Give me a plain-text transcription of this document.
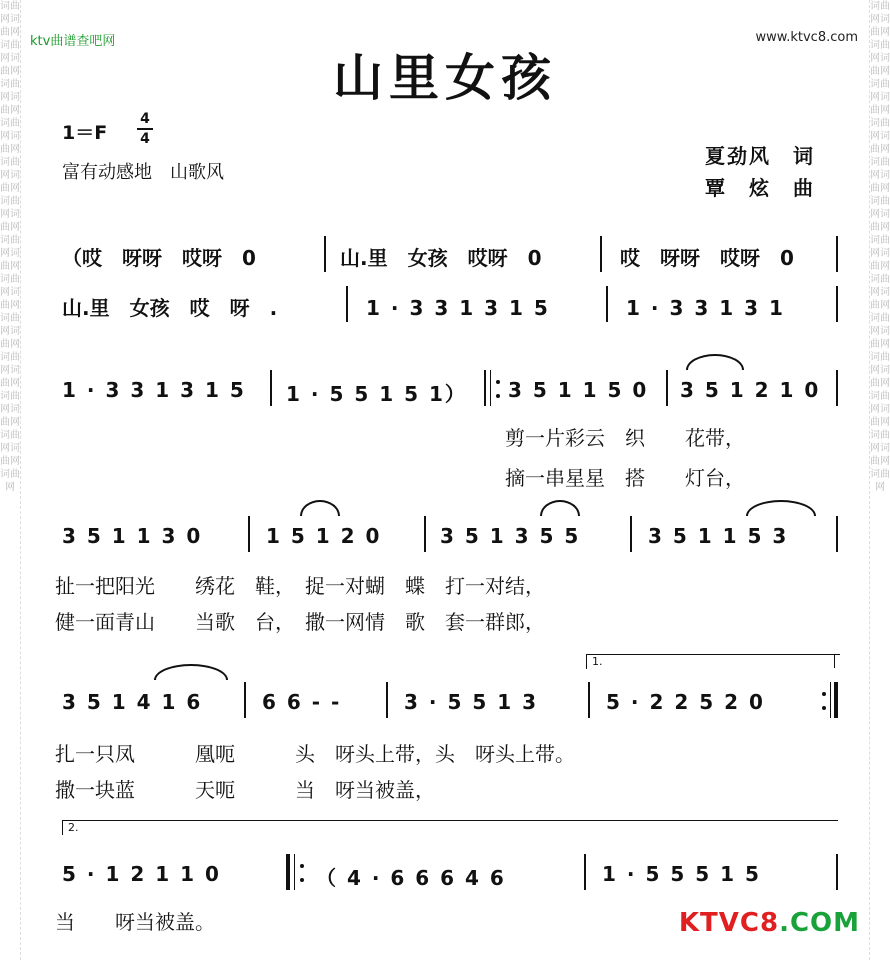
词曲网词曲网词曲网词曲网词曲网词曲网词曲网词曲网词曲网词曲网词曲网词曲网词曲网词曲网词曲网词曲网词曲网词曲网词曲网词曲网词曲网词曲网词曲网词曲网词曲网
词曲网词曲网词曲网词曲网词曲网词曲网词曲网词曲网词曲网词曲网词曲网词曲网词曲网词曲网词曲网词曲网词曲网词曲网词曲网词曲网词曲网词曲网词曲网词曲网词曲网
ktv曲谱查吧网	www.ktvc8.com
山里女孩
1＝F
4
4
富有动感地　山歌风
夏劲风　词
覃　炫　曲
（哎　呀呀　哎呀　0	山.里　女孩　哎呀　0	哎　呀呀　哎呀　0
山.里　女孩　哎　呀　.	1 · 3 3 1 3 1 5	1 · 3 3 1 3 1
1 · 3 3 1 3 1 5 1 · 5 5 1 5 1） 3 5 1 1 5 0 3 5 1 2 1 0
剪一片彩云　织　　花带，
摘一串星星　搭　　灯台，
3 5 1 1 3 0	1 5 1 2 0	3 5 1 3 5 5	3 5 1 1 5 3
扯一把阳光　　绣花　鞋，　捉一对蝴　蝶　打一对结，
健一面青山　　当歌　台，　撒一网情　歌　套一群郎，
1.
3 5 1 4 1 6	6 6 - -	3 · 5 5 1 3	5 · 2 2 5 2 0
扎一只凤　　　凰呃　　　头　呀头上带，头　呀头上带。
撒一块蓝　　　天呃　　　当　呀当被盖，
2.
5 · 1 2 1 1 0	（ 4 · 6 6 6 4 6	1 · 5 5 5 1 5
当　　呀当被盖。	KTVC8.COM
